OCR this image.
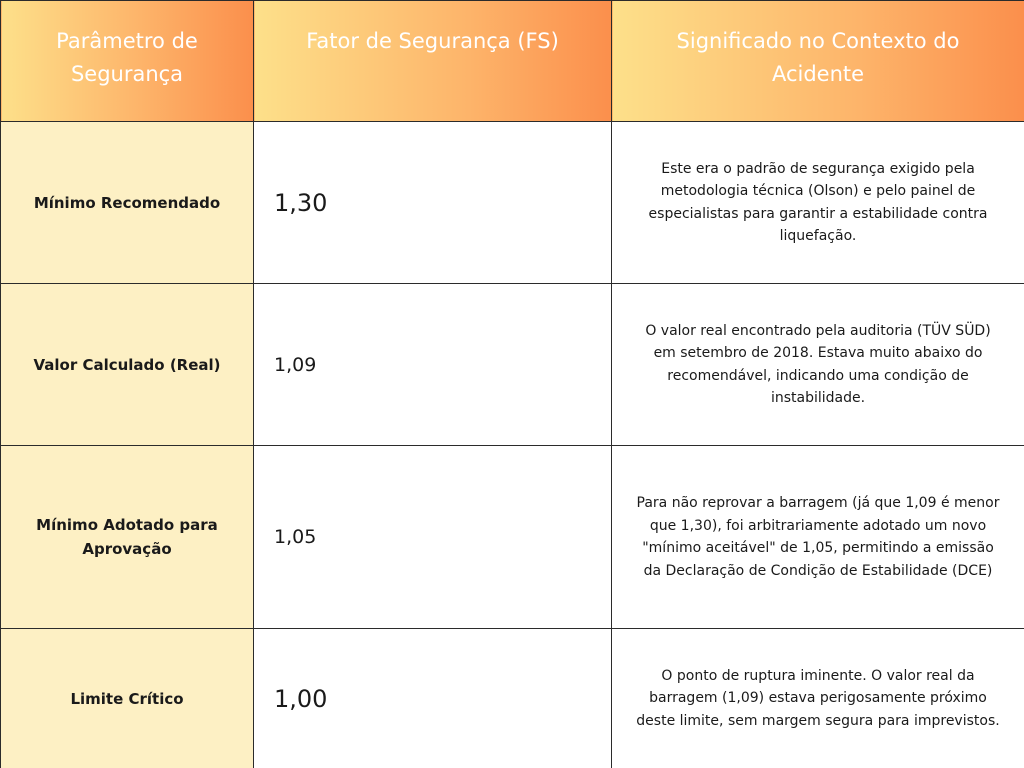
Parâmetro de Segurança	Fator de Segurança (FS)	Significado no Contexto do Acidente
Mínimo Recomendado	1,30	Este era o padrão de segurança exigido pela metodologia técnica (Olson) e pelo painel de especialistas para garantir a estabilidade contra liquefação.
Valor Calculado (Real)	1,09	O valor real encontrado pela auditoria (TÜV SÜD) em setembro de 2018. Estava muito abaixo do recomendável, indicando uma condição de instabilidade.
Mínimo Adotado para Aprovação	1,05	Para não reprovar a barragem (já que 1,09 é menor que 1,30), foi arbitrariamente adotado um novo "mínimo aceitável" de 1,05, permitindo a emissão da Declaração de Condição de Estabilidade (DCE)
Limite Crítico	1,00	O ponto de ruptura iminente. O valor real da barragem (1,09) estava perigosamente próximo deste limite, sem margem segura para imprevistos.
